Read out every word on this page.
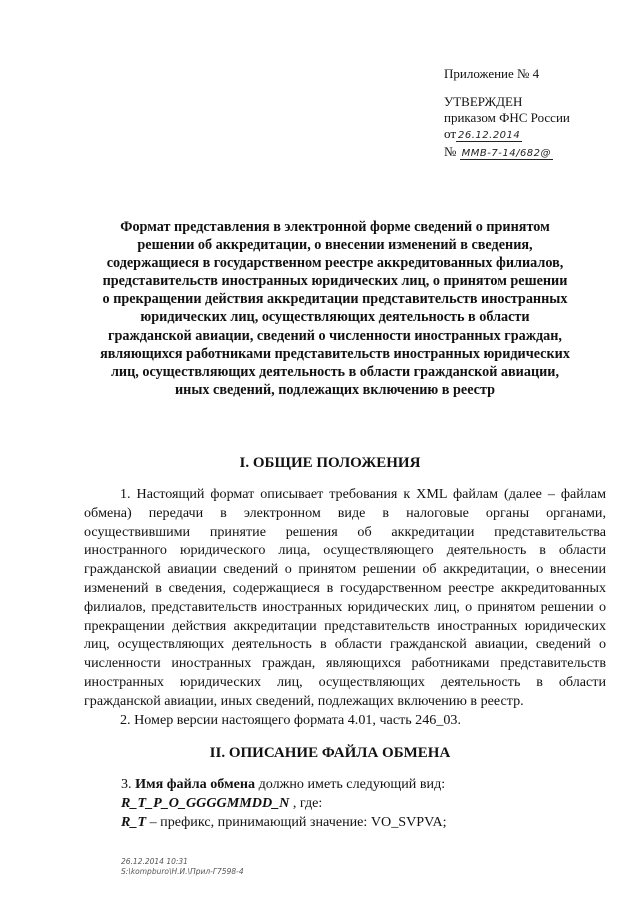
Приложение № 4
УТВЕРЖДЕН
приказом ФНС России
от 26.12.2014
№ ММВ-7-14/682@
Формат представления в электронной форме сведений о принятом решении об аккредитации, о внесении изменений в сведения, содержащиеся в государственном реестре аккредитованных филиалов, представительств иностранных юридических лиц, о принятом решении о прекращении действия аккредитации представительств иностранных юридических лиц, осуществляющих деятельность в области гражданской авиации, сведений о численности иностранных граждан, являющихся работниками представительств иностранных юридических лиц, осуществляющих деятельность в области гражданской авиации, иных сведений, подлежащих включению в реестр
I. ОБЩИЕ ПОЛОЖЕНИЯ

1. Настоящий формат описывает требования к XML файлам (далее – файлам обмена) передачи в электронном виде в налоговые органы органами, осуществившими принятие решения об аккредитации представительства иностранного юридического лица, осуществляющего деятельность в области гражданской авиации сведений о принятом решении об аккредитации, о внесении изменений в сведения, содержащиеся в государственном реестре аккредитованных филиалов, представительств иностранных юридических лиц, о принятом решении о прекращении действия аккредитации представительств иностранных юридических лиц, осуществляющих деятельность в области гражданской авиации, сведений о численности иностранных граждан, являющихся работниками представительств иностранных юридических лиц, осуществляющих деятельность в области гражданской авиации, иных сведений, подлежащих включению в реестр.

2. Номер версии настоящего формата 4.01, часть 246_03.

II. ОПИСАНИЕ ФАЙЛА ОБМЕНА
3. Имя файла обмена должно иметь следующий вид:
R_T_P_O_GGGGMMDD_N , где:
R_T – префикс, принимающий значение: VO_SVPVA;
26.12.2014 10:31
S:\kompburo\Н.И.\Прил-Г7598-4
